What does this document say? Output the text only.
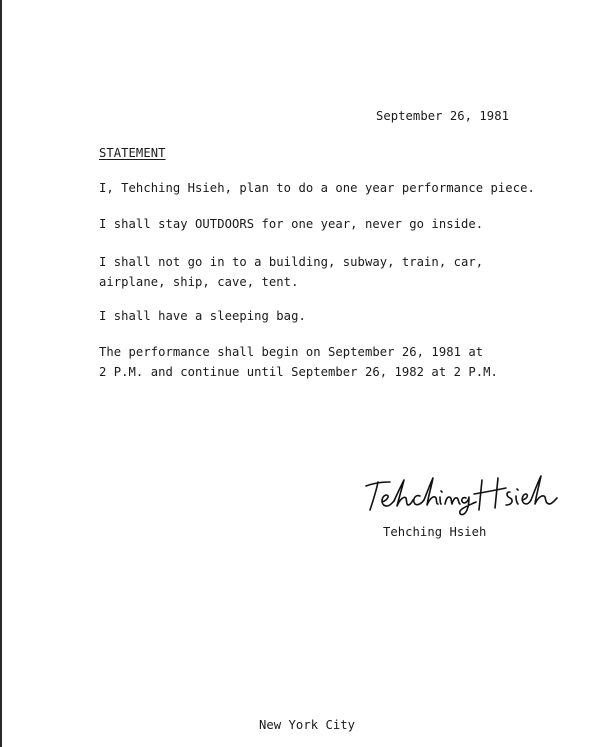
September 26, 1981
STATEMENT
I, Tehching Hsieh, plan to do a one year performance piece.
I shall stay OUTDOORS for one year, never go inside.
I shall not go in to a building, subway, train, car,
airplane, ship, cave, tent.
I shall have a sleeping bag.
The performance shall begin on September 26, 1981 at
2 P.M. and continue until September 26, 1982 at 2 P.M.
Tehching Hsieh
New York City
